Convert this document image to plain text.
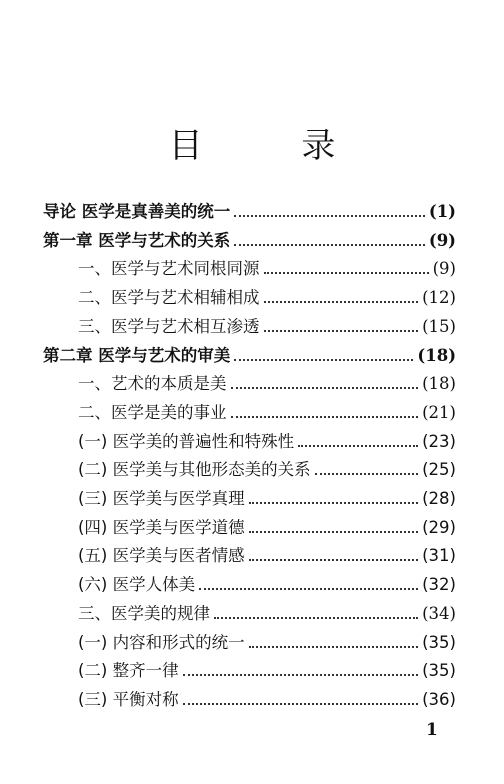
目 录
导论 医学是真善美的统一	(1)
第一章 医学与艺术的关系	(9)
一、医学与艺术同根同源	(9)
二、医学与艺术相辅相成	(12)
三、医学与艺术相互渗透	(15)
第二章 医学与艺术的审美	(18)
一、艺术的本质是美	(18)
二、医学是美的事业	(21)
(一) 医学美的普遍性和特殊性	(23)
(二) 医学美与其他形态美的关系	(25)
(三) 医学美与医学真理	(28)
(四) 医学美与医学道德	(29)
(五) 医学美与医者情感	(31)
(六) 医学人体美	(32)
三、医学美的规律	(34)
(一) 内容和形式的统一	(35)
(二) 整齐一律	(35)
(三) 平衡对称	(36)
1
